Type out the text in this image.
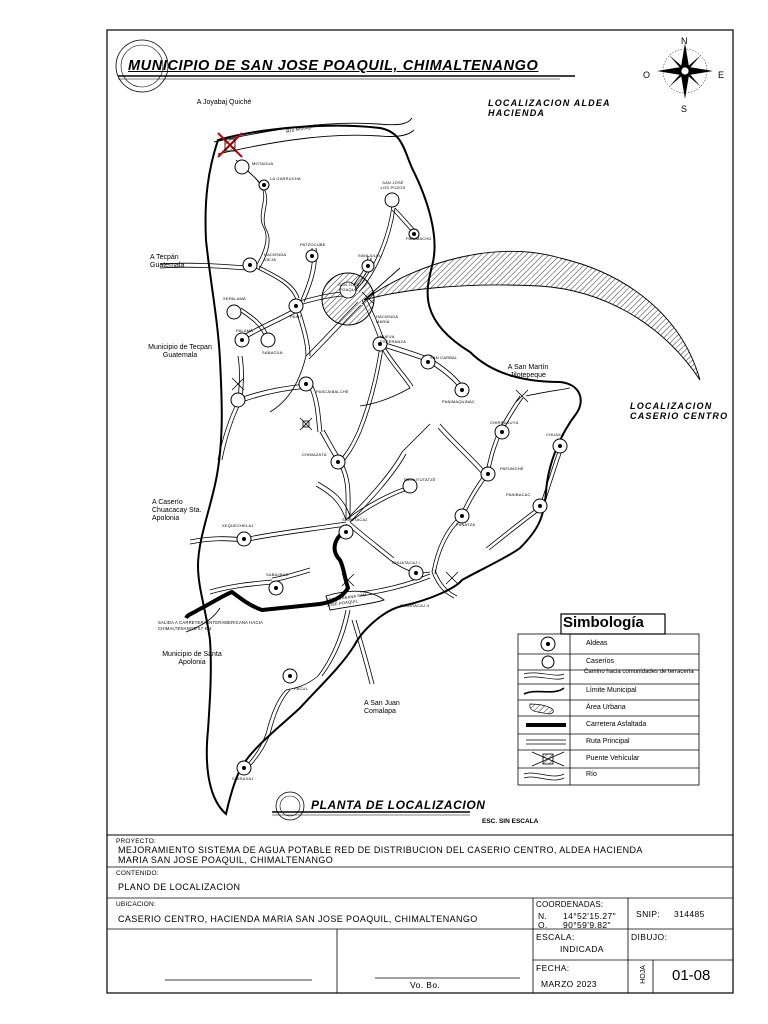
MUNICIPIO DE SAN JOSE POAQUIL, CHIMALTENANGO
N
S
E
O
LOCALIZACION ALDEA HACIENDA
LOCALIZACION CASERIO CENTRO
A Joyabaj Quiché
A Tecpán Guatemala
Municipio de Tecpan Guatemala
A San Martín Jilotepeque
A Caserío Chuacacay Sta. Apolonia
Municipio de Santa Apolonia
A San Juan Comalapa
SALIDA A CARRETERA INTERAMERICANA HACIA CHIMALTENANGO 57 KM.
Río Motagua
MOTAGUA
LA GARRUCHA
SAN JOSÉ LOS POZOS
PANIMACHÚ
PATZOCUBE
SAN JOSÉ POAQUIL
HACIENDA VIEJA
HACIENDA MARÍA
SIMAJULEU
XEPALAMÁ
PALAMÁ
PAXIT
SABACÚN
NUEVA ESPERANZA
SAN CARBAL
PANIMAQUINAC
PASCAIBALCHÉ
CHIMAZATÁ
PACHITUTATZÉ
CHIRRUSUYÁ
CHUAXÁ
PAFUMCHÉ
PANIBACAC
XEQUECHELAJ
SACOTACAJ
PANATZÁ
SABAJRAC
CHUATACAJ I
CHUATACAJ II
ÁREA URBANA SAN JOSÉ POAQUIL
PACUL
CHIRAXAJ
Simbología
Aldeas
Caseríos
Camino hacia comunidades de terracería
Límite Municipal
Área Urbana
Carretera Asfaltada
Ruta Principal
Puente Vehícular
Río
PLANTA DE LOCALIZACION
ESC. SIN ESCALA
PROYECTO:
MEJORAMIENTO SISTEMA DE AGUA POTABLE RED DE DISTRIBUCION DEL CASERIO CENTRO, ALDEA HACIENDA
MARIA SAN JOSE POAQUIL, CHIMALTENANGO
CONTENIDO:
PLANO DE LOCALIZACION
UBICACION:
CASERIO CENTRO, HACIENDA MARIA SAN JOSE POAQUIL, CHIMALTENANGO
COORDENADAS:
N. 14°52'15.27"
O. 90°59'9.82"
SNIP: 314485
ESCALA:
INDICADA
DIBUJO:
FECHA:
MARZO 2023
HOJA 01-08
Vo. Bo.
